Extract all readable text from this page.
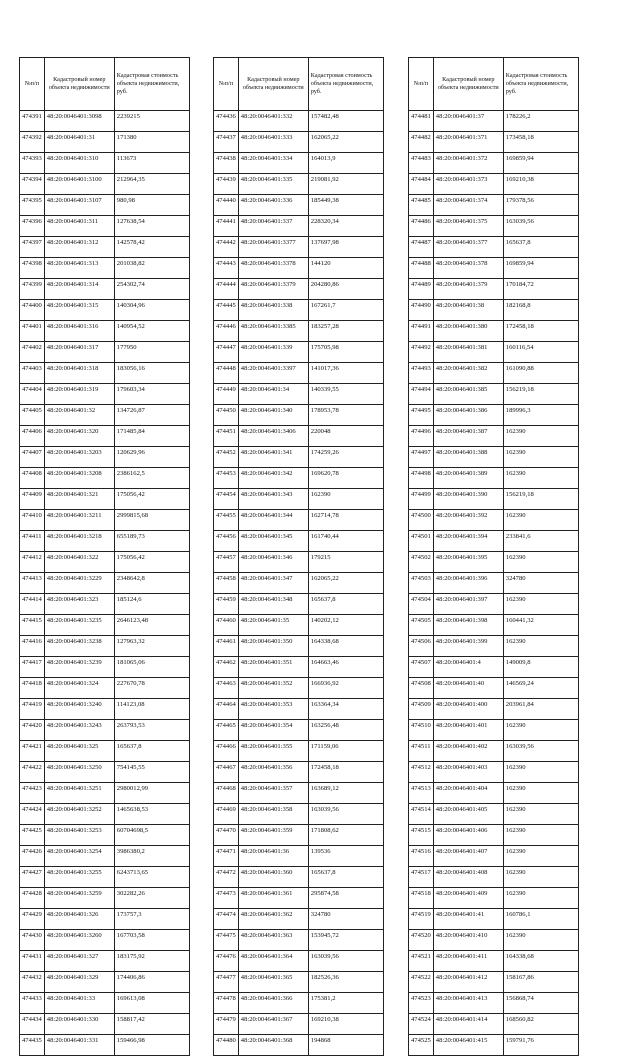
№п/п	Кадастровый номер объекта недвижимости	Кадастровая стоимость объекта недвижимости, руб.
474391	48:20:0046401:3098	2239215
474392	48:20:0046401:31	171380
474393	48:20:0046401:310	113673
474394	48:20:0046401:3100	212964,35
474395	48:20:0046401:3107	980,98
474396	48:20:0046401:311	127638,54
474397	48:20:0046401:312	142578,42
474398	48:20:0046401:313	201038,82
474399	48:20:0046401:314	254302,74
474400	48:20:0046401:315	140304,96
474401	48:20:0046401:316	140954,52
474402	48:20:0046401:317	177950
474403	48:20:0046401:318	183056,16
474404	48:20:0046401:319	179603,34
474405	48:20:0046401:32	134726,87
474406	48:20:0046401:320	171485,84
474407	48:20:0046401:3203	120629,96
474408	48:20:0046401:3208	2386162,5
474409	48:20:0046401:321	175056,42
474410	48:20:0046401:3211	2999815,68
474411	48:20:0046401:3218	655189,73
474412	48:20:0046401:322	175056,42
474413	48:20:0046401:3229	2348642,8
474414	48:20:0046401:323	185124,6
474415	48:20:0046401:3235	2646123,48
474416	48:20:0046401:3238	127963,32
474417	48:20:0046401:3239	181065,06
474418	48:20:0046401:324	227670,78
474419	48:20:0046401:3240	114123,08
474420	48:20:0046401:3243	263793,53
474421	48:20:0046401:325	165637,8
474422	48:20:0046401:3250	754145,55
474423	48:20:0046401:3251	2980012,99
474424	48:20:0046401:3252	1465638,53
474425	48:20:0046401:3253	60704698,5
474426	48:20:0046401:3254	3986380,2
474427	48:20:0046401:3255	6243713,65
474428	48:20:0046401:3259	302282,26
474429	48:20:0046401:326	173757,3
474430	48:20:0046401:3260	167703,58
474431	48:20:0046401:327	183175,92
474432	48:20:0046401:329	174406,86
474433	48:20:0046401:33	169613,08
474434	48:20:0046401:330	158817,42
474435	48:20:0046401:331	159466,98
№п/п	Кадастровый номер объекта недвижимости	Кадастровая стоимость объекта недвижимости, руб.
474436	48:20:0046401:332	157482,48
474437	48:20:0046401:333	162065,22
474438	48:20:0046401:334	164013,9
474439	48:20:0046401:335	219081,92
474440	48:20:0046401:336	185449,38
474441	48:20:0046401:337	228320,34
474442	48:20:0046401:3377	137697,98
474443	48:20:0046401:3378	144120
474444	48:20:0046401:3379	204280,86
474445	48:20:0046401:338	167261,7
474446	48:20:0046401:3385	183257,28
474447	48:20:0046401:339	175705,98
474448	48:20:0046401:3397	141017,36
474449	48:20:0046401:34	140339,55
474450	48:20:0046401:340	178953,78
474451	48:20:0046401:3406	220048
474452	48:20:0046401:341	174259,26
474453	48:20:0046401:342	169620,78
474454	48:20:0046401:343	162390
474455	48:20:0046401:344	162714,78
474456	48:20:0046401:345	161740,44
474457	48:20:0046401:346	179215
474458	48:20:0046401:347	162065,22
474459	48:20:0046401:348	165637,8
474460	48:20:0046401:35	140202,12
474461	48:20:0046401:350	164338,68
474462	48:20:0046401:351	164663,46
474463	48:20:0046401:352	166936,92
474464	48:20:0046401:353	163364,34
474465	48:20:0046401:354	163256,48
474466	48:20:0046401:355	171159,06
474467	48:20:0046401:356	172458,18
474468	48:20:0046401:357	163689,12
474469	48:20:0046401:358	163039,56
474470	48:20:0046401:359	171808,62
474471	48:20:0046401:36	139536
474472	48:20:0046401:360	165637,8
474473	48:20:0046401:361	295874,58
474474	48:20:0046401:362	324780
474475	48:20:0046401:363	153945,72
474476	48:20:0046401:364	163039,56
474477	48:20:0046401:365	182526,36
474478	48:20:0046401:366	175381,2
474479	48:20:0046401:367	169210,38
474480	48:20:0046401:368	194868
№п/п	Кадастровый номер объекта недвижимости	Кадастровая стоимость объекта недвижимости, руб.
474481	48:20:0046401:37	178226,2
474482	48:20:0046401:371	173458,18
474483	48:20:0046401:372	169859,94
474484	48:20:0046401:373	169210,38
474485	48:20:0046401:374	179378,56
474486	48:20:0046401:375	163039,56
474487	48:20:0046401:377	165637,8
474488	48:20:0046401:378	169859,94
474489	48:20:0046401:379	170184,72
474490	48:20:0046401:38	182168,8
474491	48:20:0046401:380	172458,18
474492	48:20:0046401:381	160116,54
474493	48:20:0046401:382	161090,88
474494	48:20:0046401:385	156219,18
474495	48:20:0046401:386	189996,3
474496	48:20:0046401:387	162390
474497	48:20:0046401:388	162390
474498	48:20:0046401:389	162390
474499	48:20:0046401:390	156219,18
474500	48:20:0046401:392	162390
474501	48:20:0046401:394	233841,6
474502	48:20:0046401:395	162390
474503	48:20:0046401:396	324780
474504	48:20:0046401:397	162390
474505	48:20:0046401:398	160441,32
474506	48:20:0046401:399	162390
474507	48:20:0046401:4	149009,8
474508	48:20:0046401:40	146569,24
474509	48:20:0046401:400	203961,84
474510	48:20:0046401:401	162390
474511	48:20:0046401:402	163039,56
474512	48:20:0046401:403	162390
474513	48:20:0046401:404	162390
474514	48:20:0046401:405	162390
474515	48:20:0046401:406	162390
474516	48:20:0046401:407	162390
474517	48:20:0046401:408	162390
474518	48:20:0046401:409	162390
474519	48:20:0046401:41	160786,1
474520	48:20:0046401:410	162390
474521	48:20:0046401:411	164338,68
474522	48:20:0046401:412	158167,86
474523	48:20:0046401:413	156868,74
474524	48:20:0046401:414	168560,82
474525	48:20:0046401:415	159791,76
